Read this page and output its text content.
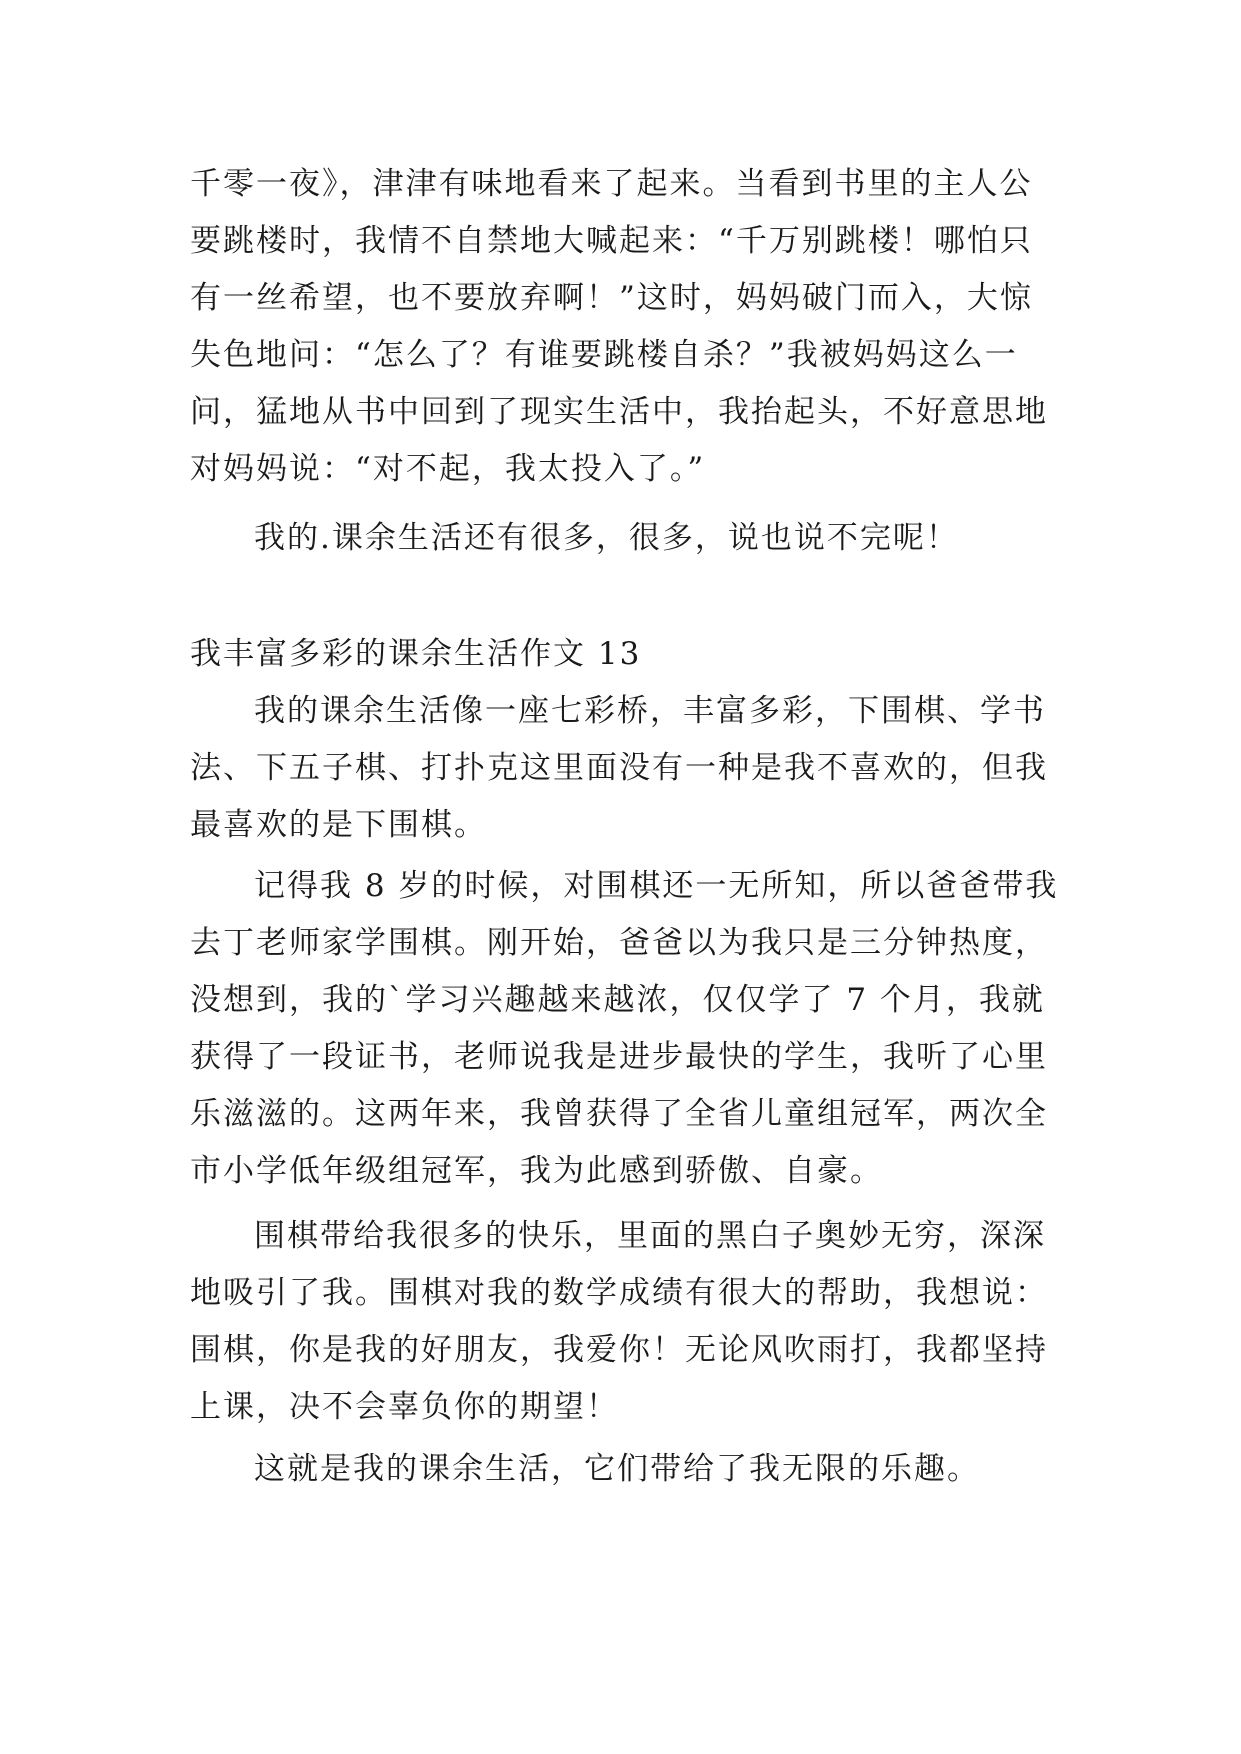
千零一夜》，津津有味地看来了起来。当看到书里的主人公
要跳楼时，我情不自禁地大喊起来：“千万别跳楼！哪怕只
有一丝希望，也不要放弃啊！”这时，妈妈破门而入，大惊
失色地问：“怎么了？有谁要跳楼自杀？”我被妈妈这么一
问，猛地从书中回到了现实生活中，我抬起头，不好意思地
对妈妈说：“对不起，我太投入了。”
我的.课余生活还有很多，很多，说也说不完呢！
我丰富多彩的课余生活作文 13
我的课余生活像一座七彩桥，丰富多彩，下围棋、学书
法、下五子棋、打扑克这里面没有一种是我不喜欢的，但我
最喜欢的是下围棋。
记得我 8 岁的时候，对围棋还一无所知，所以爸爸带我
去丁老师家学围棋。刚开始，爸爸以为我只是三分钟热度，
没想到，我的`学习兴趣越来越浓，仅仅学了 7 个月，我就
获得了一段证书，老师说我是进步最快的学生，我听了心里
乐滋滋的。这两年来，我曾获得了全省儿童组冠军，两次全
市小学低年级组冠军，我为此感到骄傲、自豪。
围棋带给我很多的快乐，里面的黑白子奥妙无穷，深深
地吸引了我。围棋对我的数学成绩有很大的帮助，我想说：
围棋，你是我的好朋友，我爱你！无论风吹雨打，我都坚持
上课，决不会辜负你的期望！
这就是我的课余生活，它们带给了我无限的乐趣。
